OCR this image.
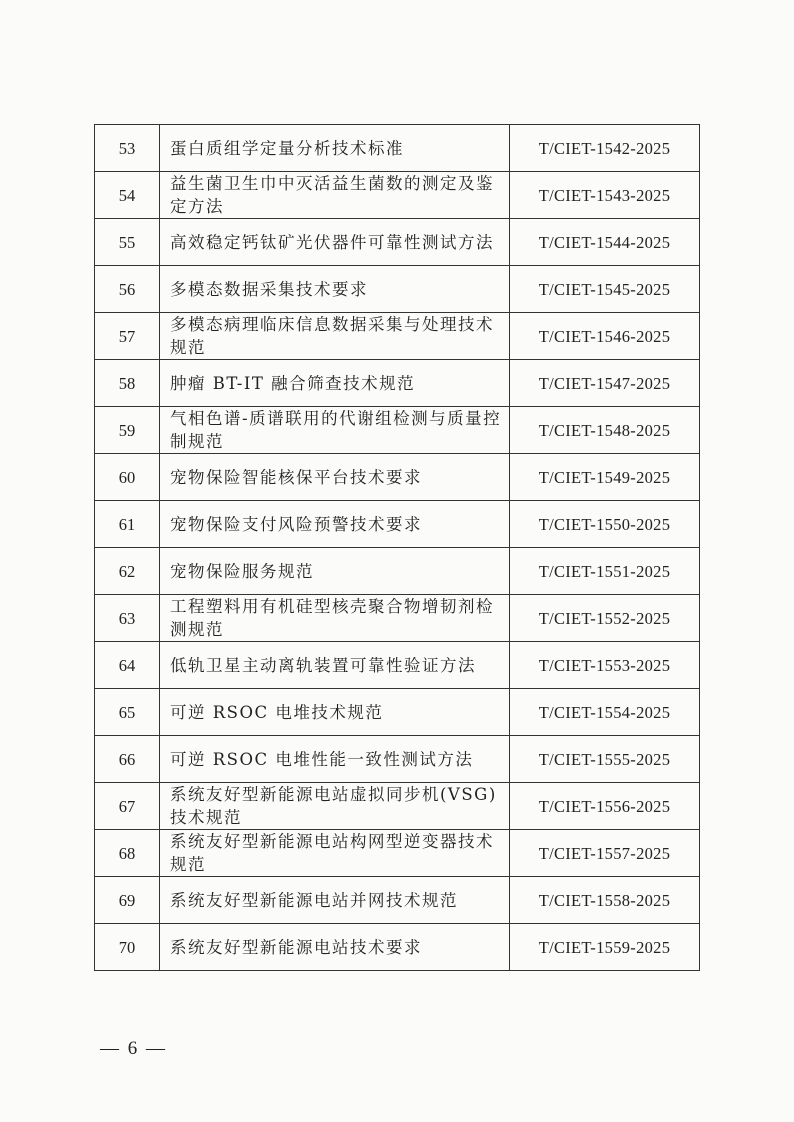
53	蛋白质组学定量分析技术标准	T/CIET-1542-2025
54	益生菌卫生巾中灭活益生菌数的测定及鉴定方法	T/CIET-1543-2025
55	高效稳定钙钛矿光伏器件可靠性测试方法	T/CIET-1544-2025
56	多模态数据采集技术要求	T/CIET-1545-2025
57	多模态病理临床信息数据采集与处理技术规范	T/CIET-1546-2025
58	肿瘤 BT-IT 融合筛查技术规范	T/CIET-1547-2025
59	气相色谱-质谱联用的代谢组检测与质量控制规范	T/CIET-1548-2025
60	宠物保险智能核保平台技术要求	T/CIET-1549-2025
61	宠物保险支付风险预警技术要求	T/CIET-1550-2025
62	宠物保险服务规范	T/CIET-1551-2025
63	工程塑料用有机硅型核壳聚合物增韧剂检测规范	T/CIET-1552-2025
64	低轨卫星主动离轨装置可靠性验证方法	T/CIET-1553-2025
65	可逆 RSOC 电堆技术规范	T/CIET-1554-2025
66	可逆 RSOC 电堆性能一致性测试方法	T/CIET-1555-2025
67	系统友好型新能源电站虚拟同步机(VSG)技术规范	T/CIET-1556-2025
68	系统友好型新能源电站构网型逆变器技术规范	T/CIET-1557-2025
69	系统友好型新能源电站并网技术规范	T/CIET-1558-2025
70	系统友好型新能源电站技术要求	T/CIET-1559-2025
— 6 —
